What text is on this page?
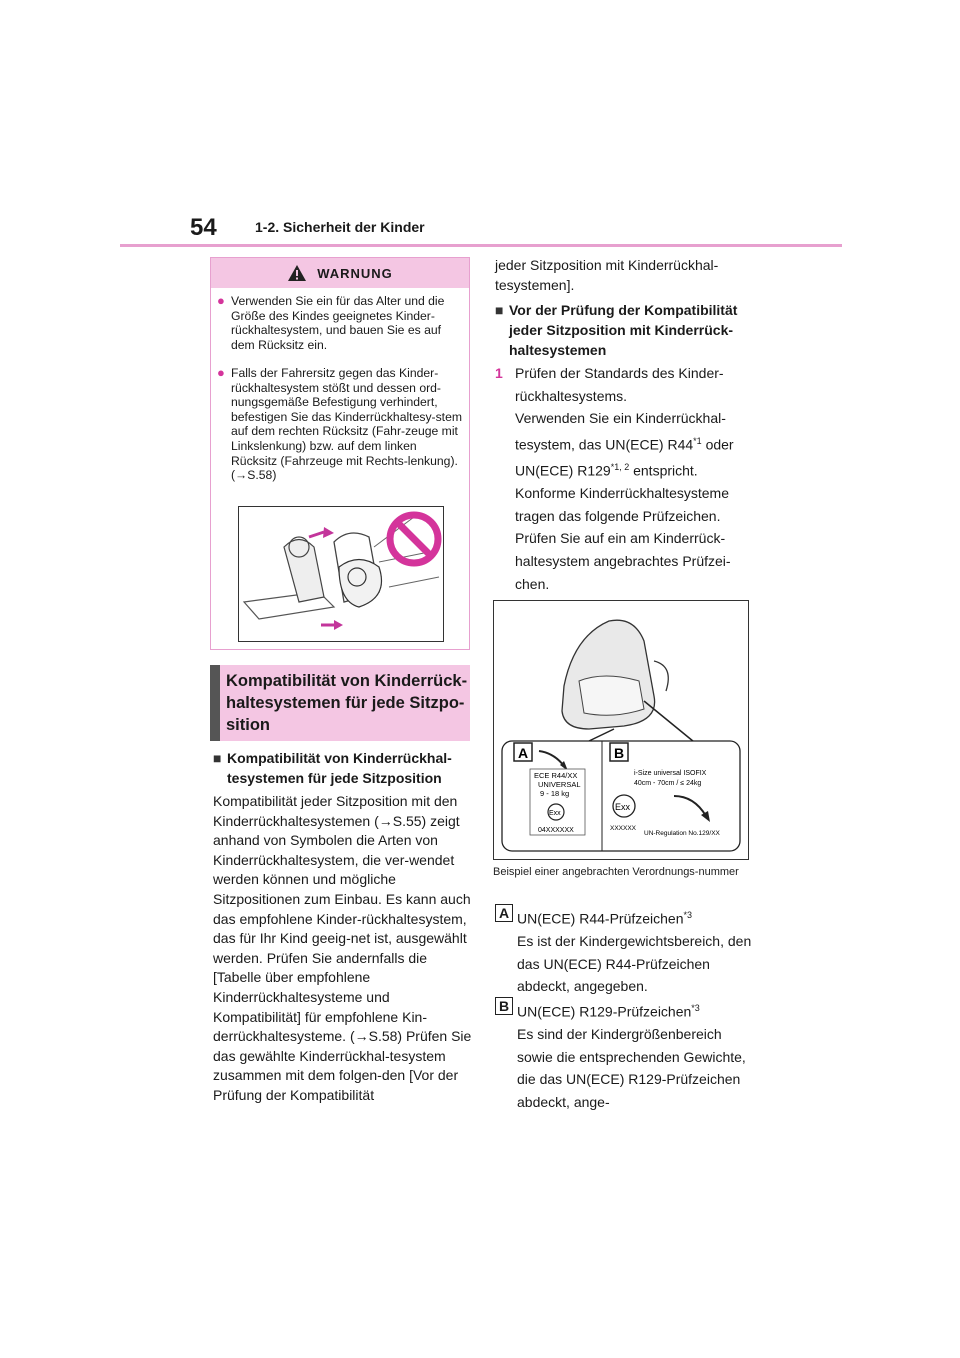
54	1-2. Sicherheit der Kinder
WARNUNG
● Verwenden Sie ein für das Alter und die Größe des Kindes geeignetes Kinder-rückhaltesystem, und bauen Sie es auf dem Rücksitz ein.
● Falls der Fahrersitz gegen das Kinder-rückhaltesystem stößt und dessen ord-nungsgemäße Befestigung verhindert, befestigen Sie das Kinderrückhaltesy-stem auf dem rechten Rücksitz (Fahr-zeuge mit Linkslenkung) bzw. auf dem linken Rücksitz (Fahrzeuge mit Rechts-lenkung). (→S.58)
Kompatibilität von Kinderrück-haltesystemen für jede Sitzpo-sition
■ Kompatibilität von Kinderrückhal-tesystemen für jede Sitzposition
Kompatibilität jeder Sitzposition mit den Kinderrückhaltesystemen (→S.55) zeigt anhand von Symbolen die Arten von Kinderrückhaltesystem, die ver-wendet werden können und mögliche Sitzpositionen zum Einbau. Es kann auch das empfohlene Kinder-rückhaltesystem, das für Ihr Kind geeig-net ist, ausgewählt werden. Prüfen Sie andernfalls die [Tabelle über empfohlene Kinderrückhaltesysteme und Kompatibilität] für empfohlene Kin-derrückhaltesysteme. (→S.58) Prüfen Sie das gewählte Kinderrückhal-tesystem zusammen mit dem folgen-den [Vor der Prüfung der Kompatibilität
jeder Sitzposition mit Kinderrückhal-tesystemen].
■ Vor der Prüfung der Kompatibilität jeder Sitzposition mit Kinderrück-haltesystemen
1 Prüfen der Standards des Kinder-rückhaltesystems.
Verwenden Sie ein Kinderrückhal-tesystem, das UN(ECE) R44$^{*1}$ oder UN(ECE) R129$^{*1, 2}$ entspricht.
Konforme Kinderrückhaltesysteme tragen das folgende Prüfzeichen.
Prüfen Sie auf ein am Kinderrück-haltesystem angebrachtes Prüfzei-chen.
A	B
ECE R44/XX
UNIVERSAL
9 - 18 kg
Exx
04XXXXXX
i-Size universal ISOFIX
40cm - 70cm / ≤ 24kg
Exx
XXXXXX
UN-Regulation No.129/XX
Beispiel einer angebrachten Verordnungs-nummer
A UN(ECE) R44-Prüfzeichen$^{*3}$
Es ist der Kindergewichtsbereich, den das UN(ECE) R44-Prüfzeichen abdeckt, angegeben.
B UN(ECE) R129-Prüfzeichen$^{*3}$
Es sind der Kindergrößenbereich sowie die entsprechenden Gewichte, die das UN(ECE) R129-Prüfzeichen abdeckt, ange-
